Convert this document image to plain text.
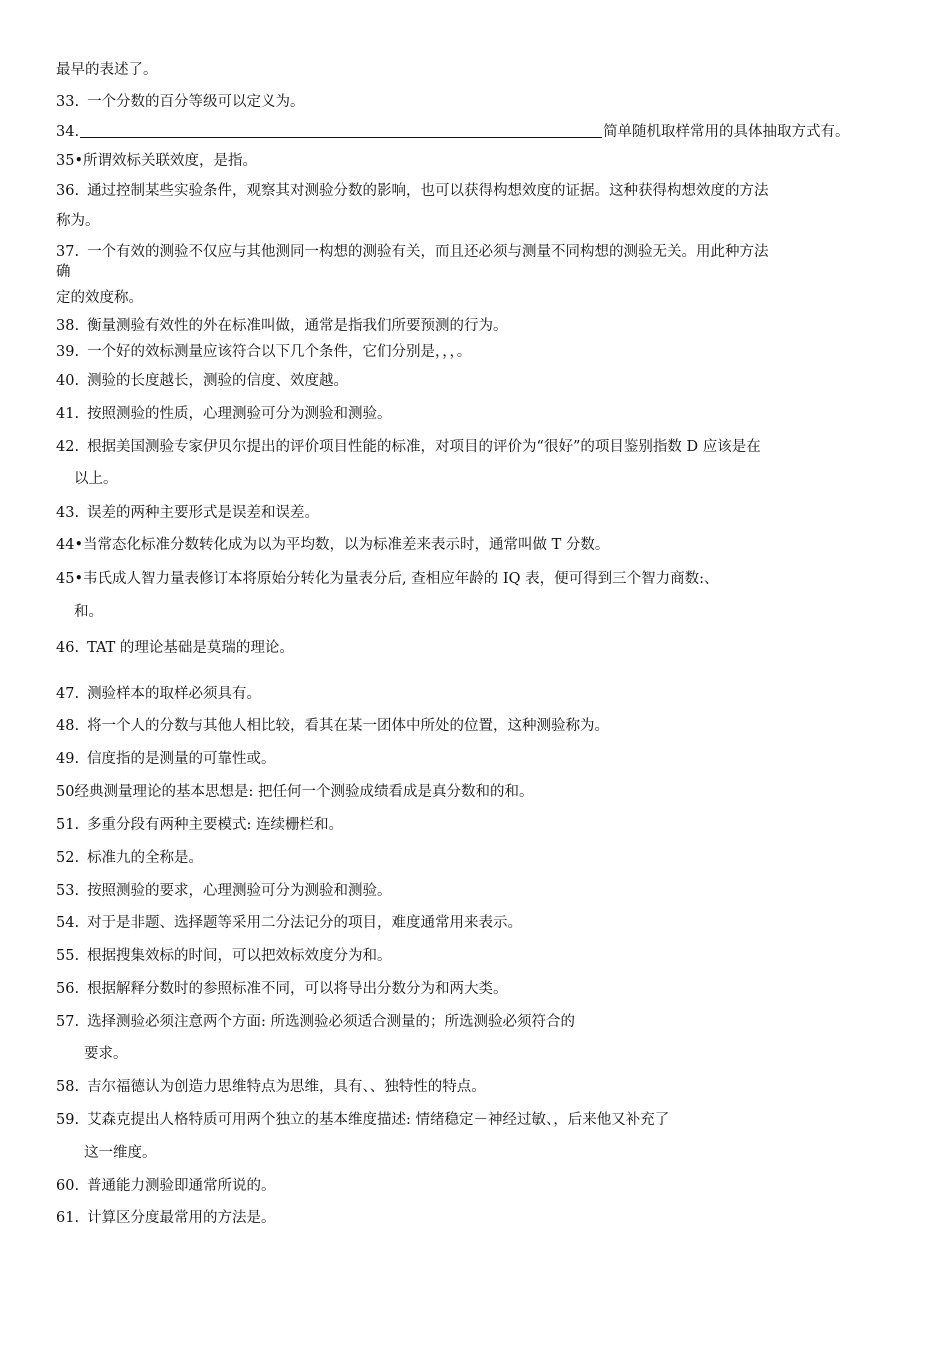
最早的表述了。
33. 一个分数的百分等级可以定义为。
34.	简单随机取样常用的具体抽取方式有。
35•所谓效标关联效度，是指。
36. 通过控制某些实验条件，观察其对测验分数的影响，也可以获得构想效度的证据。这种获得构想效度的方法
称为。
37. 一个有效的测验不仅应与其他测同一构想的测验有关，而且还必须与测量不同构想的测验无关。用此种方法
确
定的效度称。
38. 衡量测验有效性的外在标准叫做，通常是指我们所要预测的行为。
39. 一个好的效标测量应该符合以下几个条件，它们分别是，，，。
40. 测验的长度越长，测验的信度、效度越。
41. 按照测验的性质，心理测验可分为测验和测验。
42. 根据美国测验专家伊贝尔提出的评价项目性能的标准，对项目的评价为“很好”的项目鉴别指数 D 应该是在
以上。
43. 误差的两种主要形式是误差和误差。
44•当常态化标准分数转化成为以为平均数，以为标准差来表示时，通常叫做 T 分数。
45•韦氏成人智力量表修订本将原始分转化为量表分后, 查相应年龄的 IQ 表，便可得到三个智力商数:、
和。
46. TAT 的理论基础是莫瑞的理论。
47. 测验样本的取样必须具有。
48. 将一个人的分数与其他人相比较，看其在某一团体中所处的位置，这种测验称为。
49. 信度指的是测量的可靠性或。
50经典测量理论的基本思想是: 把任何一个测验成绩看成是真分数和的和。
51. 多重分段有两种主要模式: 连续栅栏和。
52. 标准九的全称是。
53. 按照测验的要求，心理测验可分为测验和测验。
54. 对于是非题、选择题等采用二分法记分的项目，难度通常用来表示。
55. 根据搜集效标的时间，可以把效标效度分为和。
56. 根据解释分数时的参照标准不同，可以将导出分数分为和两大类。
57. 选择测验必须注意两个方面: 所选测验必须适合测量的；所选测验必须符合的
要求。
58. 吉尔福德认为创造力思维特点为思维，具有、、独特性的特点。
59. 艾森克提出人格特质可用两个独立的基本维度描述: 情绪稳定－神经过敏、，后来他又补充了
这一维度。
60. 普通能力测验即通常所说的。
61. 计算区分度最常用的方法是。
